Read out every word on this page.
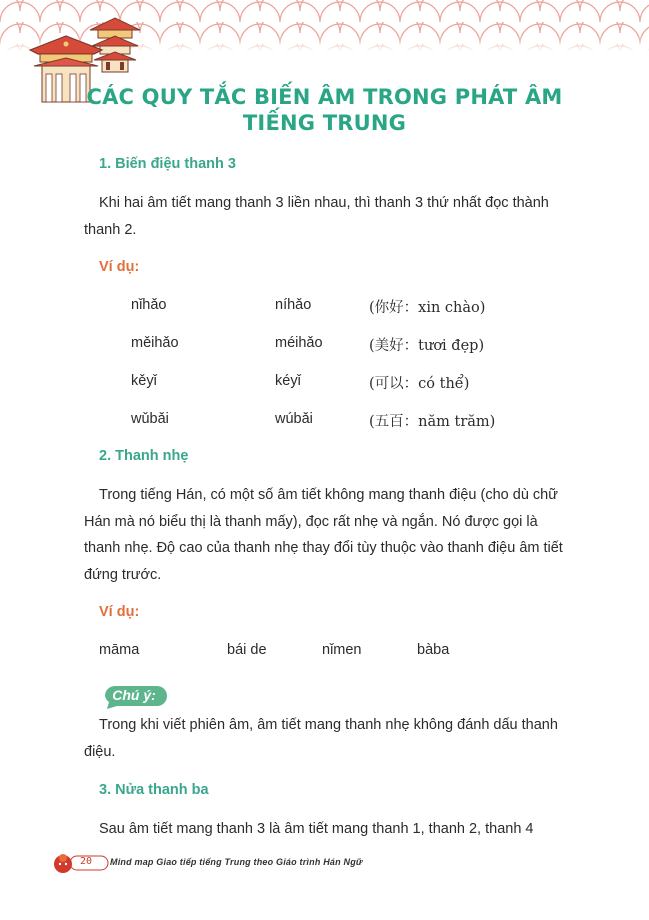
CÁC QUY TẮC BIẾN ÂM TRONG PHÁT ÂM
TIẾNG TRUNG
1. Biến điệu thanh 3
Khi hai âm tiết mang thanh 3 liền nhau, thì thanh 3 thứ nhất đọc thành thanh 2.
Ví dụ:
nǐhǎo	níhǎo	(你好：xin chào)
měihǎo	méihǎo	(美好：tươi đẹp)
kěyǐ	kéyǐ	(可以：có thể)
wǔbǎi	wúbǎi	(五百：năm trăm)
2. Thanh nhẹ
Trong tiếng Hán, có một số âm tiết không mang thanh điệu (cho dù chữ Hán mà nó biểu thị là thanh mấy), đọc rất nhẹ và ngắn. Nó được gọi là thanh nhẹ. Độ cao của thanh nhẹ thay đổi tùy thuộc vào thanh điệu âm tiết đứng trước.
Ví dụ:
māma	bái de	nǐmen	bàba
Chú ý:
Trong khi viết phiên âm, âm tiết mang thanh nhẹ không đánh dấu thanh điệu.
3. Nửa thanh ba
Sau âm tiết mang thanh 3 là âm tiết mang thanh 1, thanh 2, thanh 4
20 Mind map Giao tiếp tiếng Trung theo Giáo trình Hán Ngữ
